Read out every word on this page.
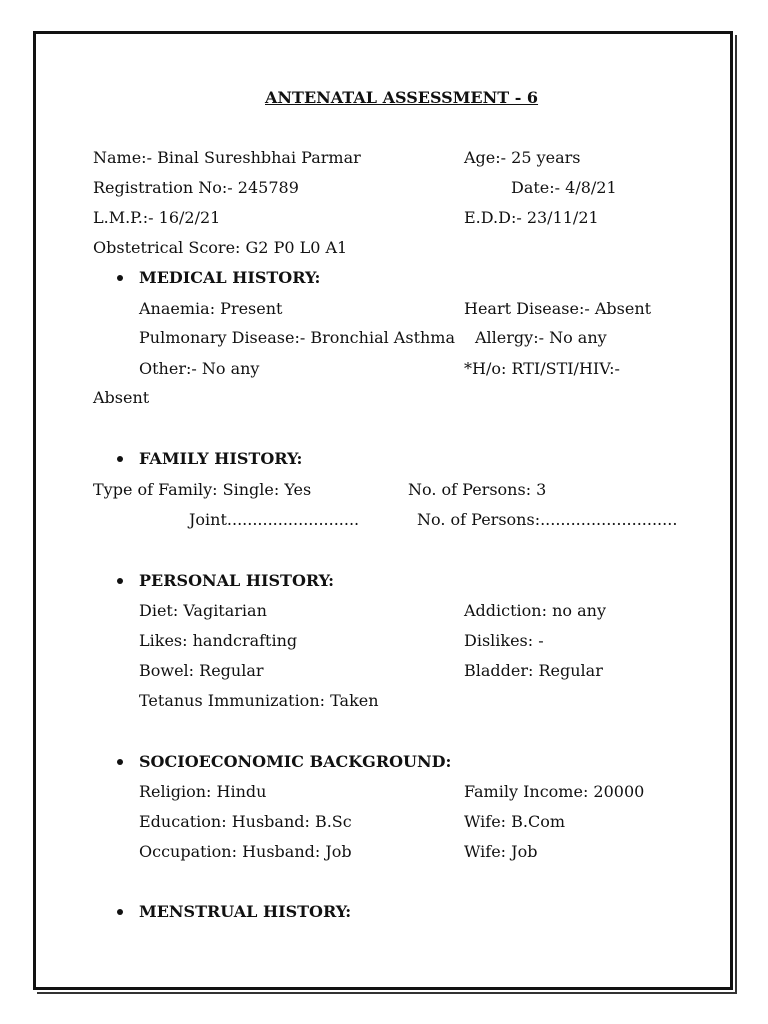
ANTENATAL ASSESSMENT - 6
Name:- Binal Sureshbhai Parmar	Age:- 25 years
Registration No:- 245789	Date:- 4/8/21
L.M.P.:- 16/2/21	E.D.D:- 23/11/21
Obstetrical Score: G2 P0 L0 A1
MEDICAL HISTORY:
Anaemia: Present	Heart Disease:- Absent
Pulmonary Disease:- Bronchial Asthma Allergy:- No any
Other:- No any	*H/o: RTI/STI/HIV:-
Absent
FAMILY HISTORY:
Type of Family: Single: Yes	No. of Persons: 3
Joint..........................	No. of Persons:...........................
PERSONAL HISTORY:
Diet: Vagitarian	Addiction: no any
Likes: handcrafting	Dislikes: -
Bowel: Regular	Bladder: Regular
Tetanus Immunization: Taken
SOCIOECONOMIC BACKGROUND:
Religion: Hindu	Family Income: 20000
Education: Husband: B.Sc	Wife: B.Com
Occupation: Husband: Job	Wife: Job
MENSTRUAL HISTORY:
